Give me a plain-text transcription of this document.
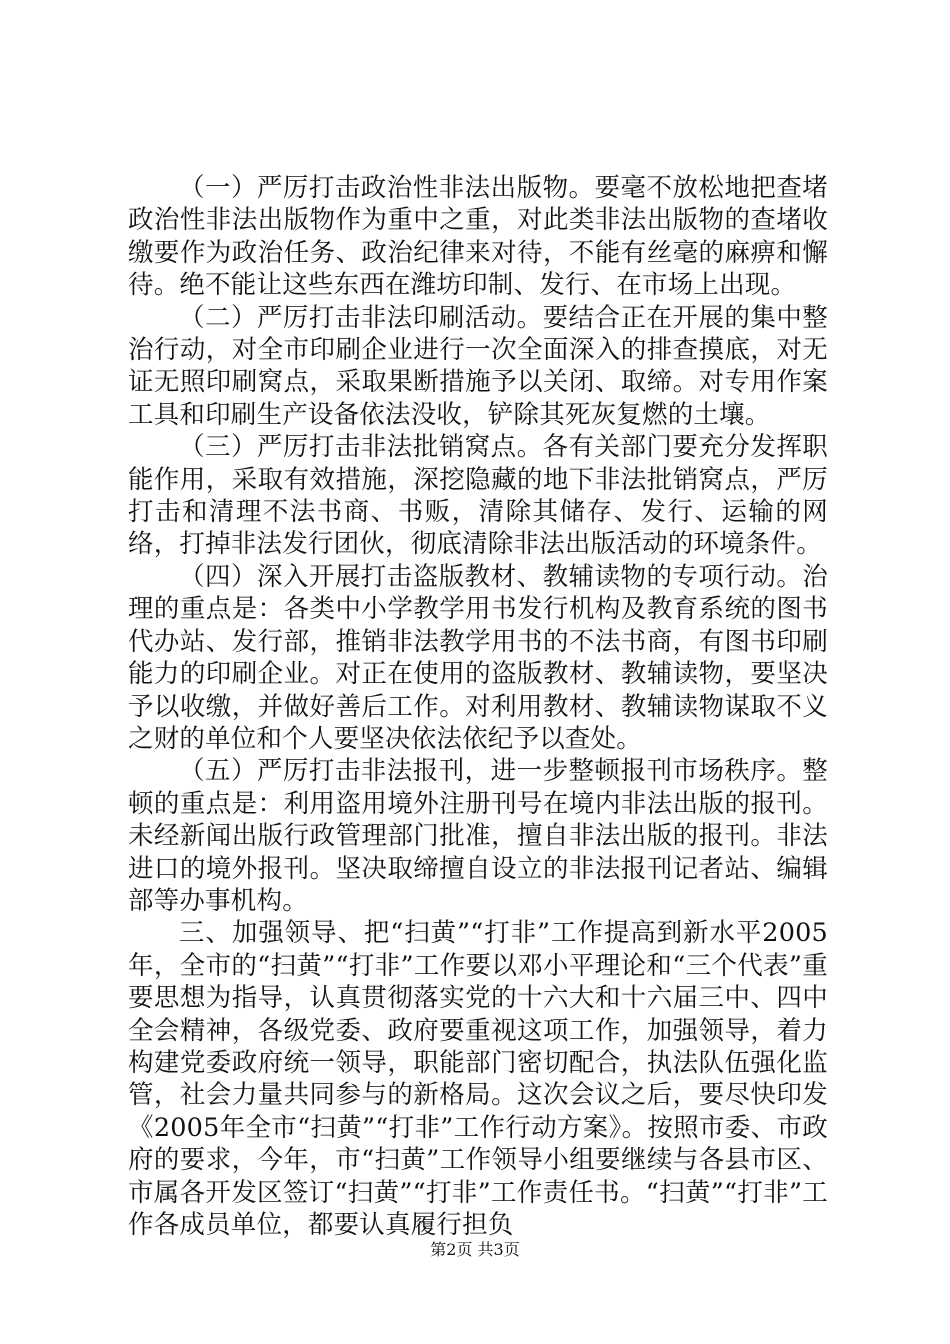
（一）严厉打击政治性非法出版物。要毫不放松地把查堵政治性非法出版物作为重中之重，对此类非法出版物的查堵收缴要作为政治任务、政治纪律来对待，不能有丝毫的麻痹和懈待。绝不能让这些东西在潍坊印制、发行、在市场上出现。

（二）严厉打击非法印刷活动。要结合正在开展的集中整治行动，对全市印刷企业进行一次全面深入的排查摸底，对无证无照印刷窝点，采取果断措施予以关闭、取缔。对专用作案工具和印刷生产设备依法没收，铲除其死灰复燃的土壤。

（三）严厉打击非法批销窝点。各有关部门要充分发挥职能作用，采取有效措施，深挖隐藏的地下非法批销窝点，严厉打击和清理不法书商、书贩，清除其储存、发行、运输的网络，打掉非法发行团伙，彻底清除非法出版活动的环境条件。

（四）深入开展打击盗版教材、教辅读物的专项行动。治理的重点是：各类中小学教学用书发行机构及教育系统的图书代办站、发行部，推销非法教学用书的不法书商，有图书印刷能力的印刷企业。对正在使用的盗版教材、教辅读物，要坚决予以收缴，并做好善后工作。对利用教材、教辅读物谋取不义之财的单位和个人要坚决依法依纪予以查处。

（五）严厉打击非法报刊，进一步整顿报刊市场秩序。整顿的重点是：利用盗用境外注册刊号在境内非法出版的报刊。未经新闻出版行政管理部门批准，擅自非法出版的报刊。非法进口的境外报刊。坚决取缔擅自设立的非法报刊记者站、编辑部等办事机构。

三、加强领导、把“扫黄”“打非”工作提高到新水平2005年，全市的“扫黄”“打非”工作要以邓小平理论和“三个代表”重要思想为指导，认真贯彻落实党的十六大和十六届三中、四中全会精神，各级党委、政府要重视这项工作，加强领导，着力构建党委政府统一领导，职能部门密切配合，执法队伍强化监管，社会力量共同参与的新格局。这次会议之后，要尽快印发《2005年全市“扫黄”“打非”工作行动方案》。按照市委、市政府的要求，今年，市“扫黄”工作领导小组要继续与各县市区、市属各开发区签订“扫黄”“打非”工作责任书。“扫黄”“打非”工作各成员单位，都要认真履行担负

第2页 共3页
